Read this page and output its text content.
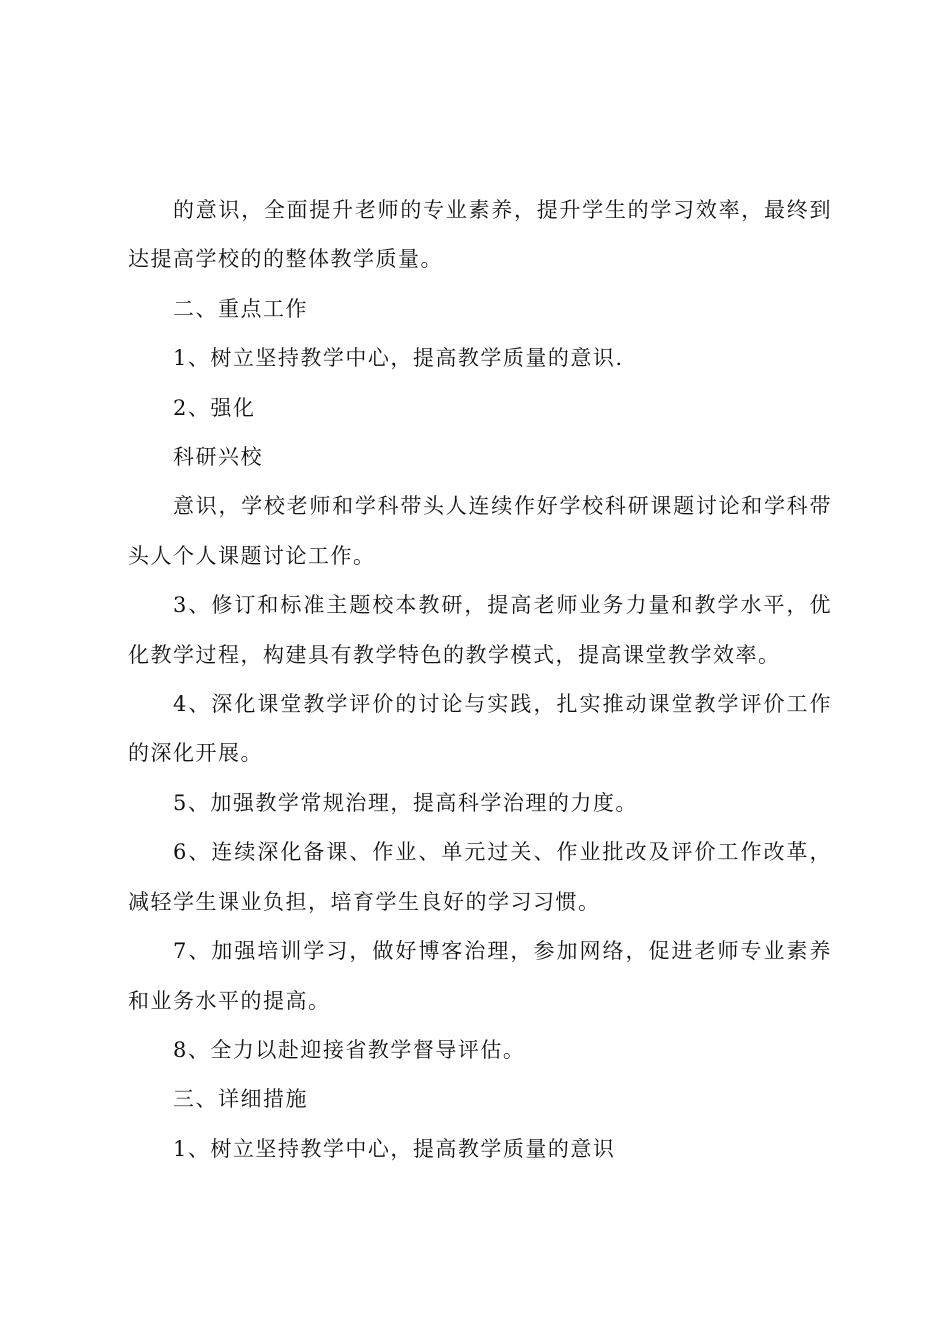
的意识，全面提升老师的专业素养，提升学生的学习效率，最终到达提高学校的的整体教学质量。

二、重点工作

1、树立坚持教学中心，提高教学质量的意识.

2、强化

科研兴校

意识，学校老师和学科带头人连续作好学校科研课题讨论和学科带头人个人课题讨论工作。

3、修订和标准主题校本教研，提高老师业务力量和教学水平，优化教学过程，构建具有教学特色的教学模式，提高课堂教学效率。

4、深化课堂教学评价的讨论与实践，扎实推动课堂教学评价工作的深化开展。

5、加强教学常规治理，提高科学治理的力度。

6、连续深化备课、作业、单元过关、作业批改及评价工作改革，减轻学生课业负担，培育学生良好的学习习惯。

7、加强培训学习，做好博客治理，参加网络，促进老师专业素养和业务水平的提高。

8、全力以赴迎接省教学督导评估。

三、详细措施

1、树立坚持教学中心，提高教学质量的意识
